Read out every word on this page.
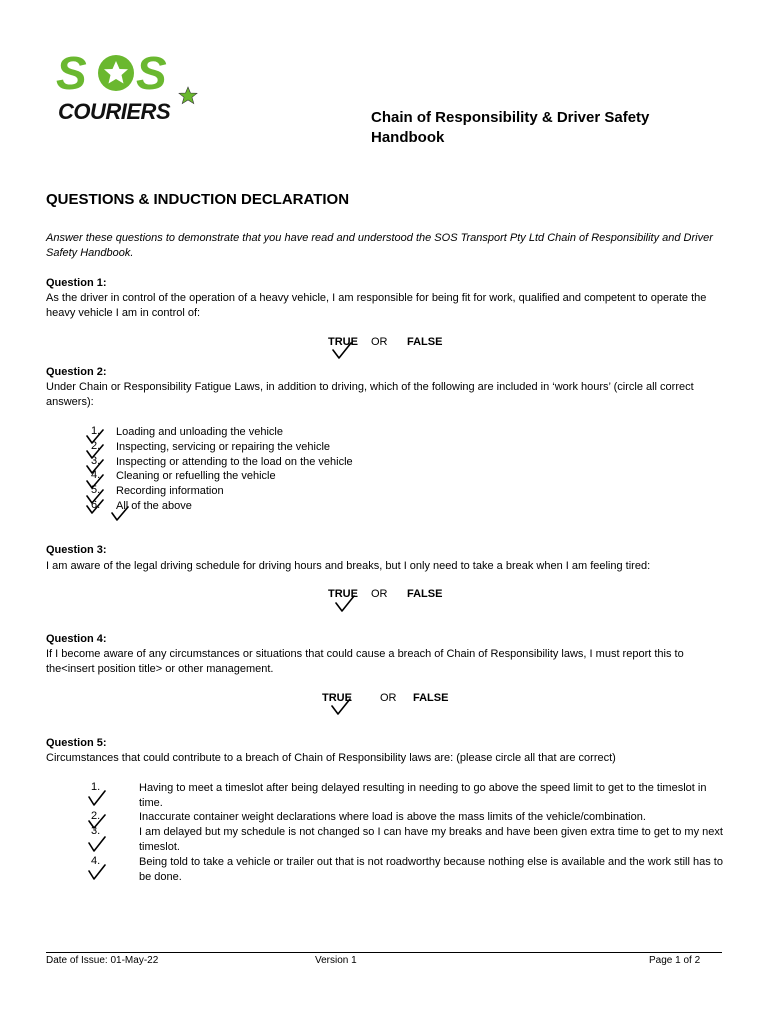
S S
COURIERS	Chain of Responsibility & Driver Safety Handbook
QUESTIONS & INDUCTION DECLARATION
Answer these questions to demonstrate that you have read and understood the SOS Transport Pty Ltd Chain of Responsibility and Driver Safety Handbook.
Question 1:
As the driver in control of the operation of a heavy vehicle, I am responsible for being fit for work, qualified and competent to operate the heavy vehicle I am in control of:
TRUE OR FALSE
Question 2:
Under Chain or Responsibility Fatigue Laws, in addition to driving, which of the following are included in ‘work hours’ (circle all correct answers):
1. Loading and unloading the vehicle
2. Inspecting, servicing or repairing the vehicle
3. Inspecting or attending to the load on the vehicle
4. Cleaning or refuelling the vehicle
5. Recording information
6. All of the above
Question 3:
I am aware of the legal driving schedule for driving hours and breaks, but I only need to take a break when I am feeling tired:
TRUE OR FALSE
Question 4:
If I become aware of any circumstances or situations that could cause a breach of Chain of Responsibility laws, I must report this to the<insert position title> or other management.
TRUE	OR FALSE
Question 5:
Circumstances that could contribute to a breach of Chain of Responsibility laws are: (please circle all that are correct)
1.	Having to meet a timeslot after being delayed resulting in needing to go above the speed limit to get to the timeslot in time.
2.	Inaccurate container weight declarations where load is above the mass limits of the vehicle/combination.
3.	I am delayed but my schedule is not changed so I can have my breaks and have been given extra time to get to my next timeslot.
4.	Being told to take a vehicle or trailer out that is not roadworthy because nothing else is available and the work still has to be done.
Date of Issue: 01-May-22	Version 1	Page 1 of 2
